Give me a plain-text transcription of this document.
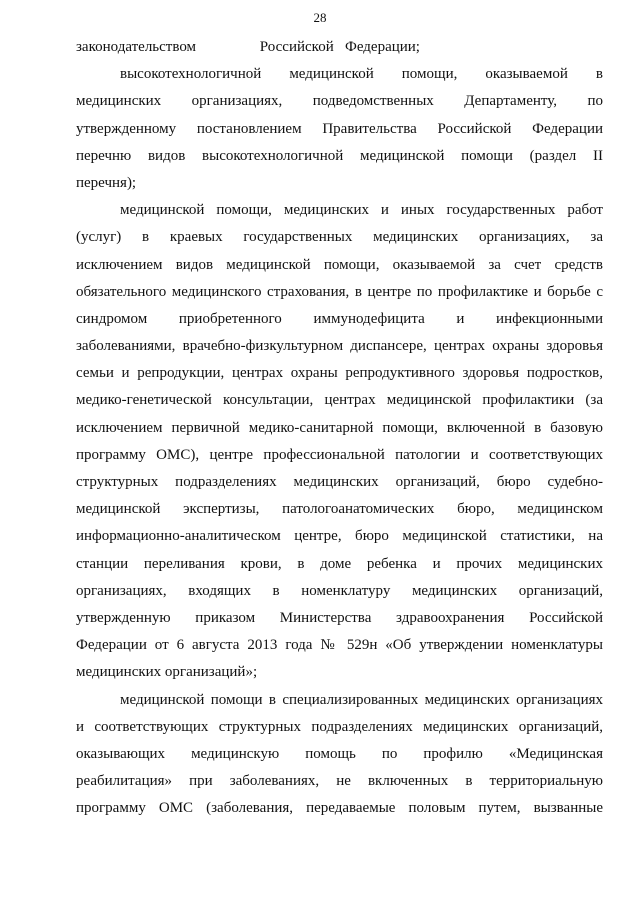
28
законодательством                 Российской   Федерации;
высокотехнологичной медицинской помощи, оказываемой в
медицинских организациях, подведомственных Департаменту, по
утвержденному постановлением Правительства Российской Федерации
перечню видов высокотехнологичной медицинской помощи (раздел II
перечня);
медицинской помощи, медицинских и иных государственных работ
(услуг) в краевых государственных медицинских организациях, за
исключением видов медицинской помощи, оказываемой за счет средств
обязательного медицинского страхования, в центре по профилактике и борьбе с
синдромом приобретенного иммунодефицита и инфекционными
заболеваниями, врачебно-физкультурном диспансере, центрах охраны здоровья
семьи и репродукции, центрах охраны репродуктивного здоровья подростков,
медико-генетической консультации, центрах медицинской профилактики (за
исключением первичной медико-санитарной помощи, включенной в базовую
программу ОМС), центре профессиональной патологии и соответствующих
структурных подразделениях медицинских организаций, бюро судебно-
медицинской экспертизы, патологоанатомических бюро, медицинском
информационно-аналитическом центре, бюро медицинской статистики, на
станции переливания крови, в доме ребенка и прочих медицинских
организациях, входящих в номенклатуру медицинских организаций,
утвержденную приказом Министерства здравоохранения Российской
Федерации от 6 августа 2013 года № 529н «Об утверждении номенклатуры
медицинских организаций»;
медицинской помощи в специализированных медицинских организациях
и соответствующих структурных подразделениях медицинских организаций,
оказывающих медицинскую помощь по профилю «Медицинская
реабилитация» при заболеваниях, не включенных в территориальную
программу ОМС (заболевания, передаваемые половым путем, вызванные
